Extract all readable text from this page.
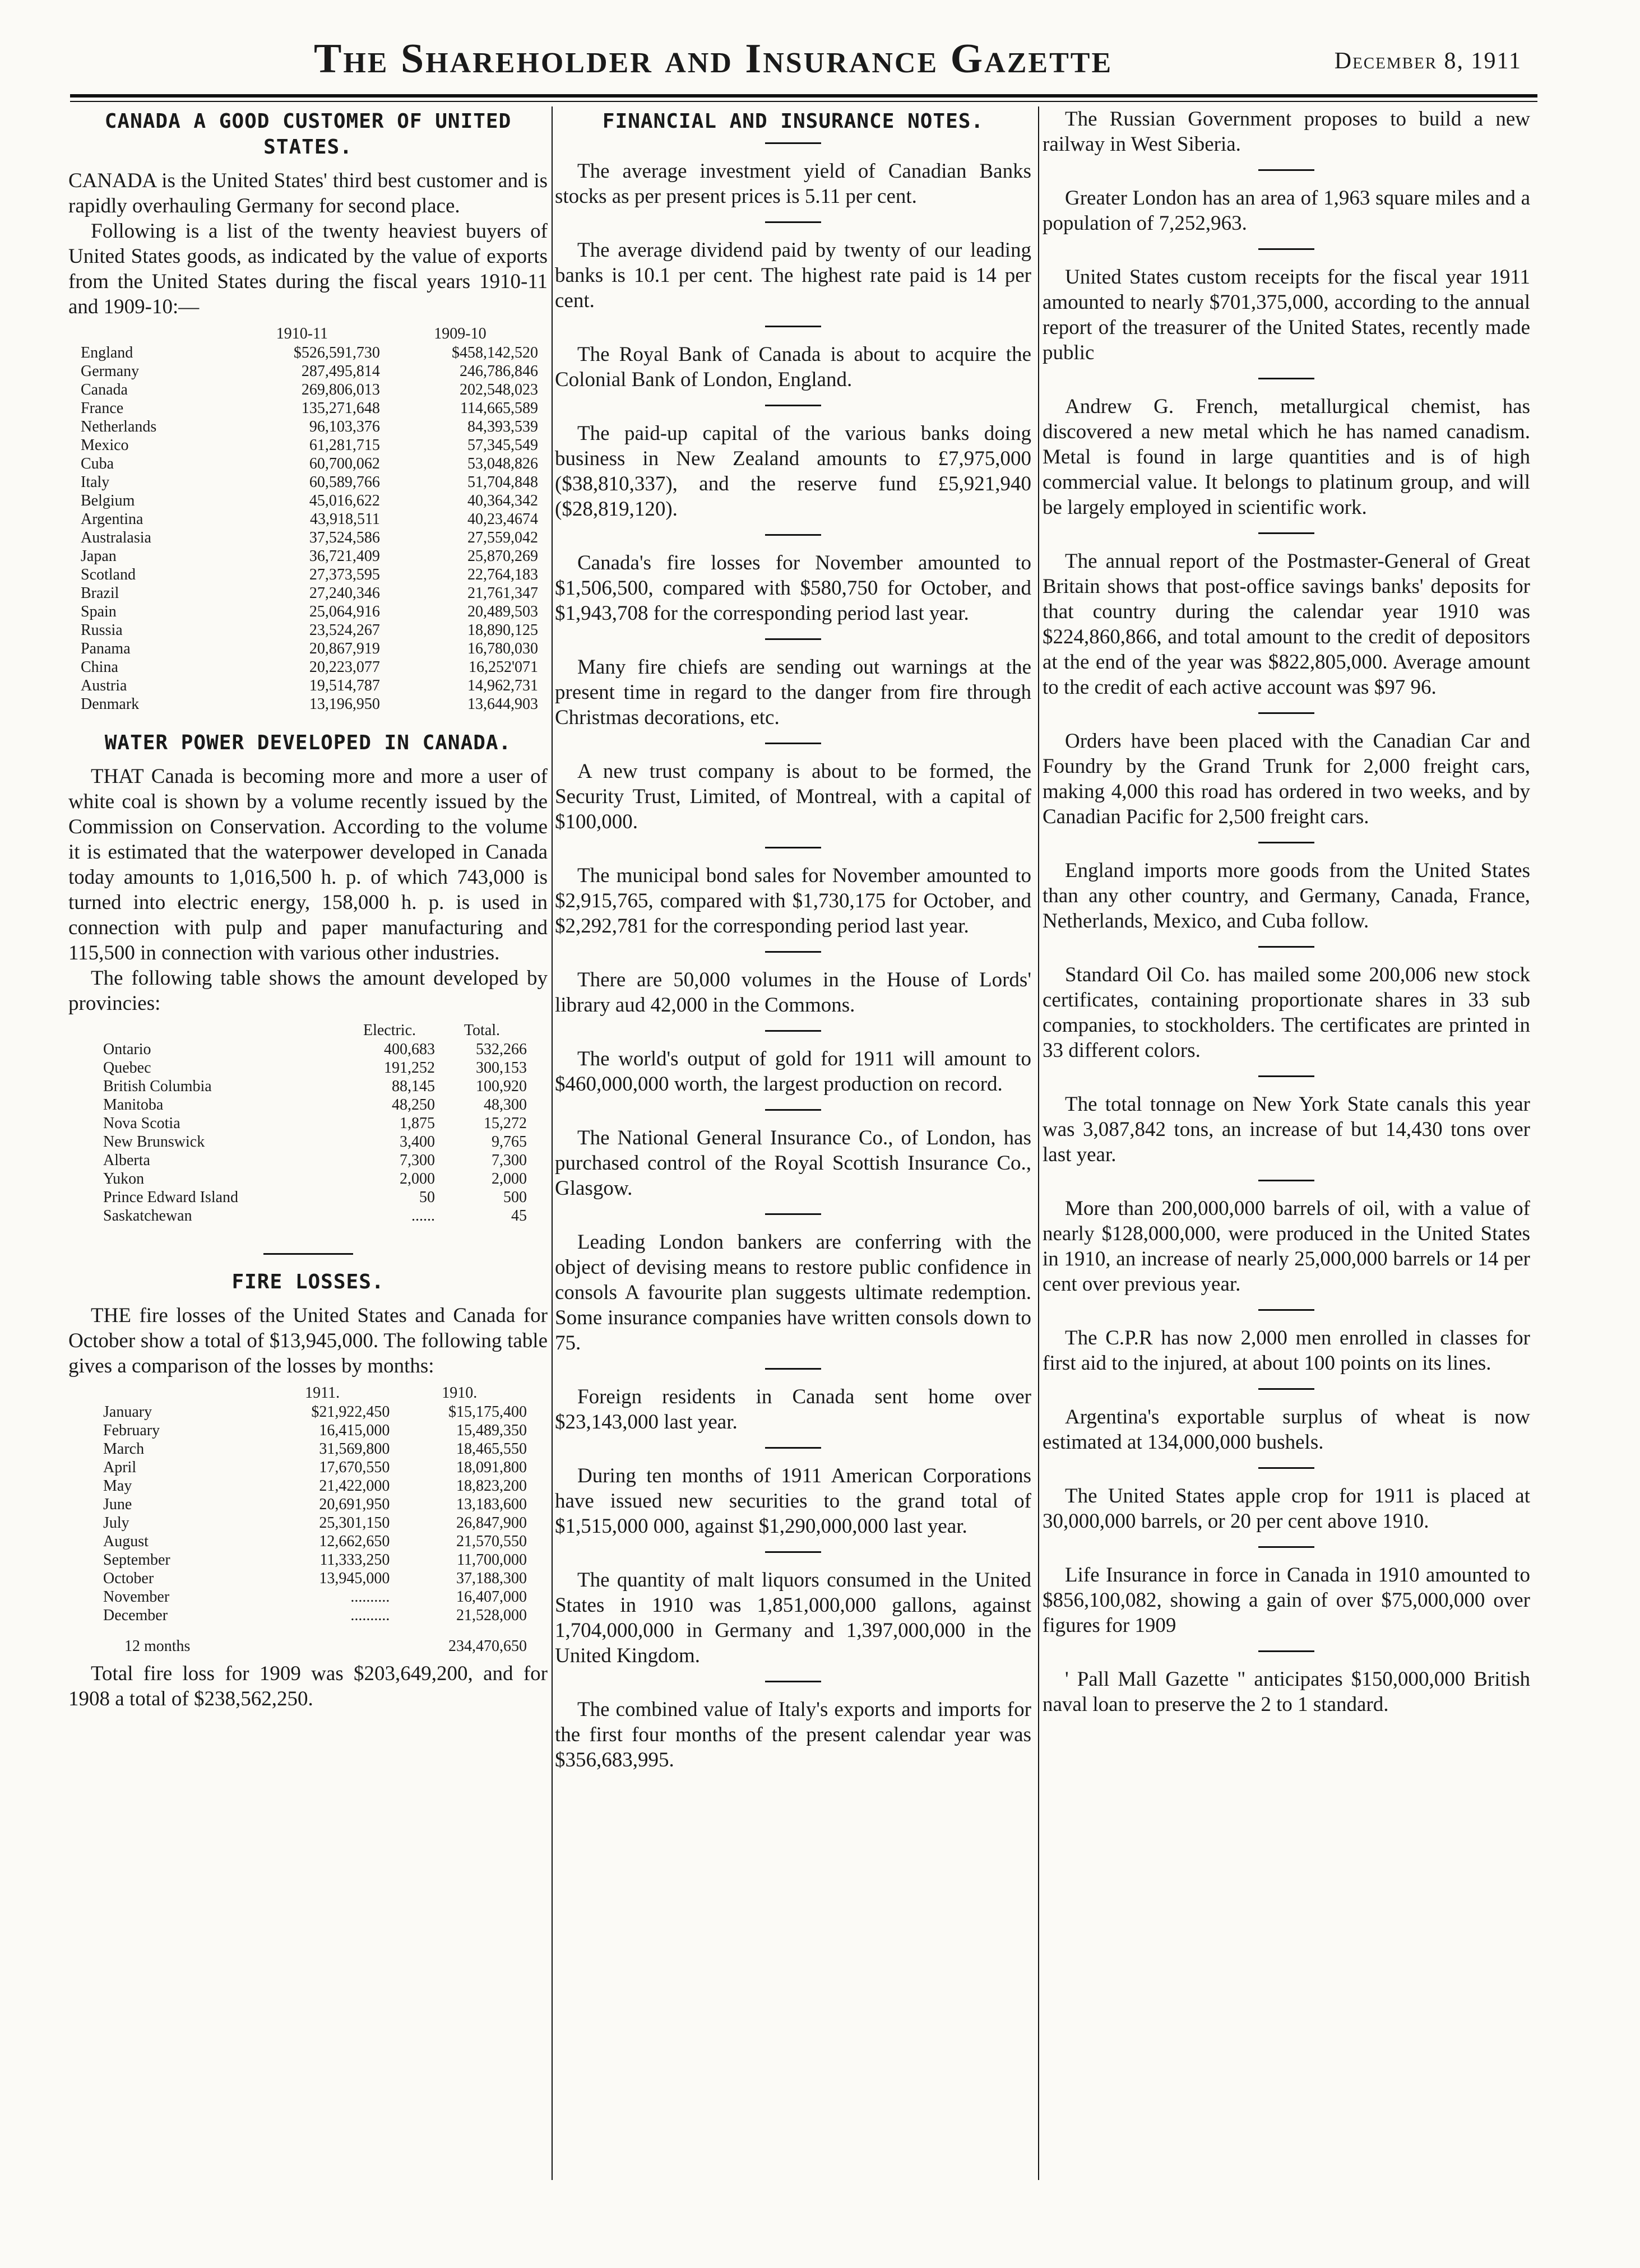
The Shareholder and Insurance Gazette	December 8, 1911
CANADA A GOOD CUSTOMER OF UNITED STATES.

CANADA is the United States' third best customer and is rapidly overhauling Germany for second place.

Following is a list of the twenty heaviest buyers of United States goods, as indicated by the value of exports from the United States during the fiscal years 1910-11 and 1909-10:—

	1910-11	1909-10
England	$526,591,730	$458,142,520
Germany	287,495,814	246,786,846
Canada	269,806,013	202,548,023
France	135,271,648	114,665,589
Netherlands	96,103,376	84,393,539
Mexico	61,281,715	57,345,549
Cuba	60,700,062	53,048,826
Italy	60,589,766	51,704,848
Belgium	45,016,622	40,364,342
Argentina	43,918,511	40,23,4674
Australasia	37,524,586	27,559,042
Japan	36,721,409	25,870,269
Scotland	27,373,595	22,764,183
Brazil	27,240,346	21,761,347
Spain	25,064,916	20,489,503
Russia	23,524,267	18,890,125
Panama	20,867,919	16,780,030
China	20,223,077	16,252'071
Austria	19,514,787	14,962,731
Denmark	13,196,950	13,644,903
WATER POWER DEVELOPED IN CANADA.

THAT Canada is becoming more and more a user of white coal is shown by a volume recently issued by the Commission on Conservation. According to the volume it is estimated that the waterpower developed in Canada today amounts to 1,016,500 h. p. of which 743,000 is turned into electric energy, 158,000 h. p. is used in connection with pulp and paper manufacturing and 115,500 in connection with various other industries.

The following table shows the amount developed by provincies:

	Electric.	Total.
Ontario	400,683	532,266
Quebec	191,252	300,153
British Columbia	88,145	100,920
Manitoba	48,250	48,300
Nova Scotia	1,875	15,272
New Brunswick	3,400	9,765
Alberta	7,300	7,300
Yukon	2,000	2,000
Prince Edward Island	50	500
Saskatchewan	......	45
FIRE LOSSES.

THE fire losses of the United States and Canada for October show a total of $13,945,000. The following table gives a comparison of the losses by months:

	1911.	1910.
January	$21,922,450	$15,175,400
February	16,415,000	15,489,350
March	31,569,800	18,465,550
April	17,670,550	18,091,800
May	21,422,000	18,823,200
June	20,691,950	13,183,600
July	25,301,150	26,847,900
August	12,662,650	21,570,550
September	11,333,250	11,700,000
October	13,945,000	37,188,300
November	..........	16,407,000
December	..........	21,528,000
12 months		234,470,650

Total fire loss for 1909 was $203,649,200, and for 1908 a total of $238,562,250.

FINANCIAL AND INSURANCE NOTES.

The average investment yield of Canadian Banks stocks as per present prices is 5.11 per cent.

The average dividend paid by twenty of our leading banks is 10.1 per cent. The highest rate paid is 14 per cent.

The Royal Bank of Canada is about to acquire the Colonial Bank of London, England.

The paid-up capital of the various banks doing business in New Zealand amounts to £7,975,000 ($38,810,337), and the reserve fund £5,921,940 ($28,819,120).

Canada's fire losses for November amounted to $1,506,500, compared with $580,750 for October, and $1,943,708 for the corresponding period last year.

Many fire chiefs are sending out warnings at the present time in regard to the danger from fire through Christmas decorations, etc.

A new trust company is about to be formed, the Security Trust, Limited, of Montreal, with a capital of $100,000.

The municipal bond sales for November amounted to $2,915,765, compared with $1,730,175 for October, and $2,292,781 for the corresponding period last year.

There are 50,000 volumes in the House of Lords' library aud 42,000 in the Commons.

The world's output of gold for 1911 will amount to $460,000,000 worth, the largest production on record.

The National General Insurance Co., of London, has purchased control of the Royal Scottish Insurance Co., Glasgow.

Leading London bankers are conferring with the object of devising means to restore public confidence in consols A favourite plan suggests ultimate redemption. Some insurance companies have written consols down to 75.

Foreign residents in Canada sent home over $23,143,000 last year.

During ten months of 1911 American Corporations have issued new securities to the grand total of $1,515,000 000, against $1,290,000,000 last year.

The quantity of malt liquors consumed in the United States in 1910 was 1,851,000,000 gallons, against 1,704,000,000 in Germany and 1,397,000,000 in the United Kingdom.

The combined value of Italy's exports and imports for the first four months of the present calendar year was $356,683,995.

The Russian Government proposes to build a new railway in West Siberia.

Greater London has an area of 1,963 square miles and a population of 7,252,963.

United States custom receipts for the fiscal year 1911 amounted to nearly $701,375,000, according to the annual report of the treasurer of the United States, recently made public

Andrew G. French, metallurgical chemist, has discovered a new metal which he has named canadism. Metal is found in large quantities and is of high commercial value. It belongs to platinum group, and will be largely employed in scientific work.

The annual report of the Postmaster-General of Great Britain shows that post-office savings banks' deposits for that country during the calendar year 1910 was $224,860,866, and total amount to the credit of depositors at the end of the year was $822,805,000. Average amount to the credit of each active account was $97 96.

Orders have been placed with the Canadian Car and Foundry by the Grand Trunk for 2,000 freight cars, making 4,000 this road has ordered in two weeks, and by Canadian Pacific for 2,500 freight cars.

England imports more goods from the United States than any other country, and Germany, Canada, France, Netherlands, Mexico, and Cuba follow.

Standard Oil Co. has mailed some 200,006 new stock certificates, containing proportionate shares in 33 sub companies, to stockholders. The certificates are printed in 33 different colors.

The total tonnage on New York State canals this year was 3,087,842 tons, an increase of but 14,430 tons over last year.

More than 200,000,000 barrels of oil, with a value of nearly $128,000,000, were produced in the United States in 1910, an increase of nearly 25,000,000 barrels or 14 per cent over previous year.

The C.P.R has now 2,000 men enrolled in classes for first aid to the injured, at about 100 points on its lines.

Argentina's exportable surplus of wheat is now estimated at 134,000,000 bushels.

The United States apple crop for 1911 is placed at 30,000,000 barrels, or 20 per cent above 1910.

Life Insurance in force in Canada in 1910 amounted to $856,100,082, showing a gain of over $75,000,000 over figures for 1909

' Pall Mall Gazette " anticipates $150,000,000 British naval loan to preserve the 2 to 1 standard.
